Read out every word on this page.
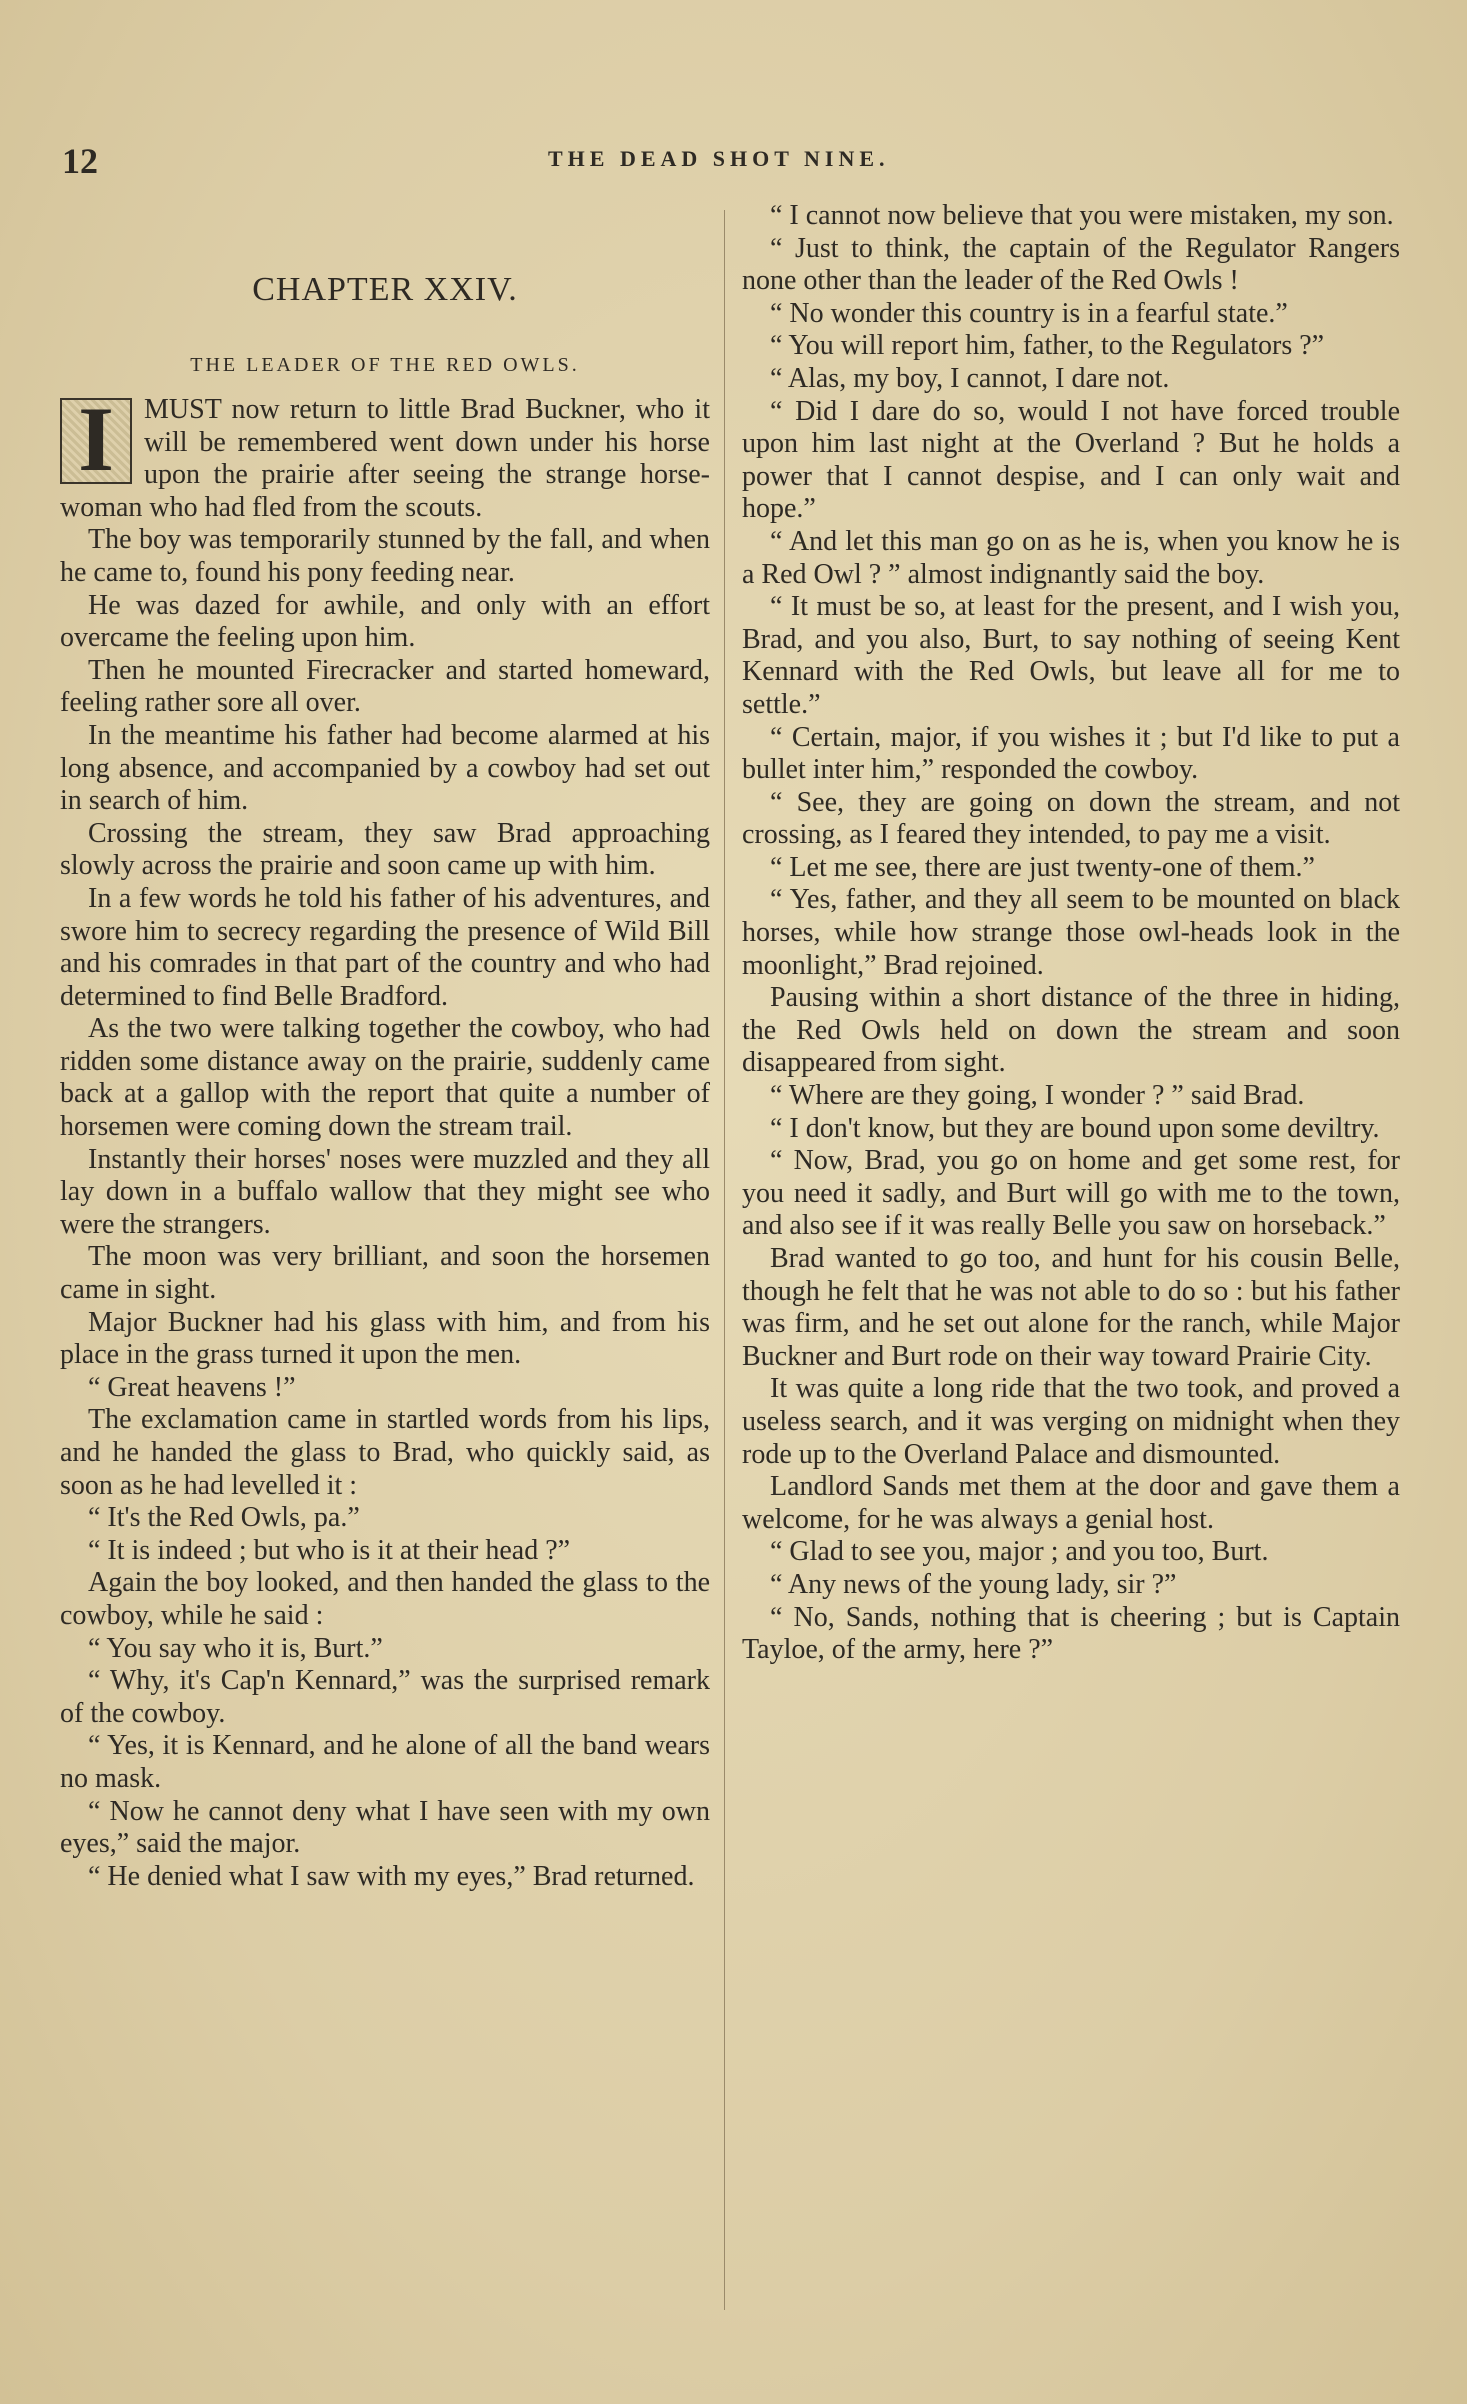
12	THE DEAD SHOT NINE.
CHAPTER XXIV.
THE LEADER OF THE RED OWLS.

I	MUST now return to little Brad Buckner, who it will be remembered went down under his horse upon the prairie after seeing the strange horse-woman who had fled from the scouts.

The boy was temporarily stunned by the fall, and when he came to, found his pony feeding near.

He was dazed for awhile, and only with an effort overcame the feeling upon him.

Then he mounted Firecracker and started homeward, feeling rather sore all over.

In the meantime his father had become alarmed at his long absence, and accompanied by a cowboy had set out in search of him.

Crossing the stream, they saw Brad approaching slowly across the prairie and soon came up with him.

In a few words he told his father of his adventures, and swore him to secrecy regarding the presence of Wild Bill and his comrades in that part of the country and who had determined to find Belle Bradford.

As the two were talking together the cowboy, who had ridden some distance away on the prairie, suddenly came back at a gallop with the report that quite a number of horsemen were coming down the stream trail.

Instantly their horses' noses were muzzled and they all lay down in a buffalo wallow that they might see who were the strangers.

The moon was very brilliant, and soon the horsemen came in sight.

Major Buckner had his glass with him, and from his place in the grass turned it upon the men.

“ Great heavens !”

The exclamation came in startled words from his lips, and he handed the glass to Brad, who quickly said, as soon as he had levelled it :

“ It's the Red Owls, pa.”

“ It is indeed ; but who is it at their head ?”

Again the boy looked, and then handed the glass to the cowboy, while he said :

“ You say who it is, Burt.”

“ Why, it's Cap'n Kennard,” was the surprised remark of the cowboy.

“ Yes, it is Kennard, and he alone of all the band wears no mask.

“ Now he cannot deny what I have seen with my own eyes,” said the major.

“ He denied what I saw with my eyes,” Brad returned.

“ I cannot now believe that you were mistaken, my son.

“ Just to think, the captain of the Regulator Rangers none other than the leader of the Red Owls !

“ No wonder this country is in a fearful state.”

“ You will report him, father, to the Regulators ?”

“ Alas, my boy, I cannot, I dare not.

“ Did I dare do so, would I not have forced trouble upon him last night at the Overland ? But he holds a power that I cannot despise, and I can only wait and hope.”

“ And let this man go on as he is, when you know he is a Red Owl ? ” almost indignantly said the boy.

“ It must be so, at least for the present, and I wish you, Brad, and you also, Burt, to say nothing of seeing Kent Kennard with the Red Owls, but leave all for me to settle.”

“ Certain, major, if you wishes it ; but I'd like to put a bullet inter him,” responded the cowboy.

“ See, they are going on down the stream, and not crossing, as I feared they intended, to pay me a visit.

“ Let me see, there are just twenty-one of them.”

“ Yes, father, and they all seem to be mounted on black horses, while how strange those owl-heads look in the moonlight,” Brad rejoined.

Pausing within a short distance of the three in hiding, the Red Owls held on down the stream and soon disappeared from sight.

“ Where are they going, I wonder ? ” said Brad.

“ I don't know, but they are bound upon some deviltry.

“ Now, Brad, you go on home and get some rest, for you need it sadly, and Burt will go with me to the town, and also see if it was really Belle you saw on horseback.”

Brad wanted to go too, and hunt for his cousin Belle, though he felt that he was not able to do so : but his father was firm, and he set out alone for the ranch, while Major Buckner and Burt rode on their way toward Prairie City.

It was quite a long ride that the two took, and proved a useless search, and it was verging on midnight when they rode up to the Overland Palace and dismounted.

Landlord Sands met them at the door and gave them a welcome, for he was always a genial host.

“ Glad to see you, major ; and you too, Burt.

“ Any news of the young lady, sir ?”

“ No, Sands, nothing that is cheering ; but is Captain Tayloe, of the army, here ?”
